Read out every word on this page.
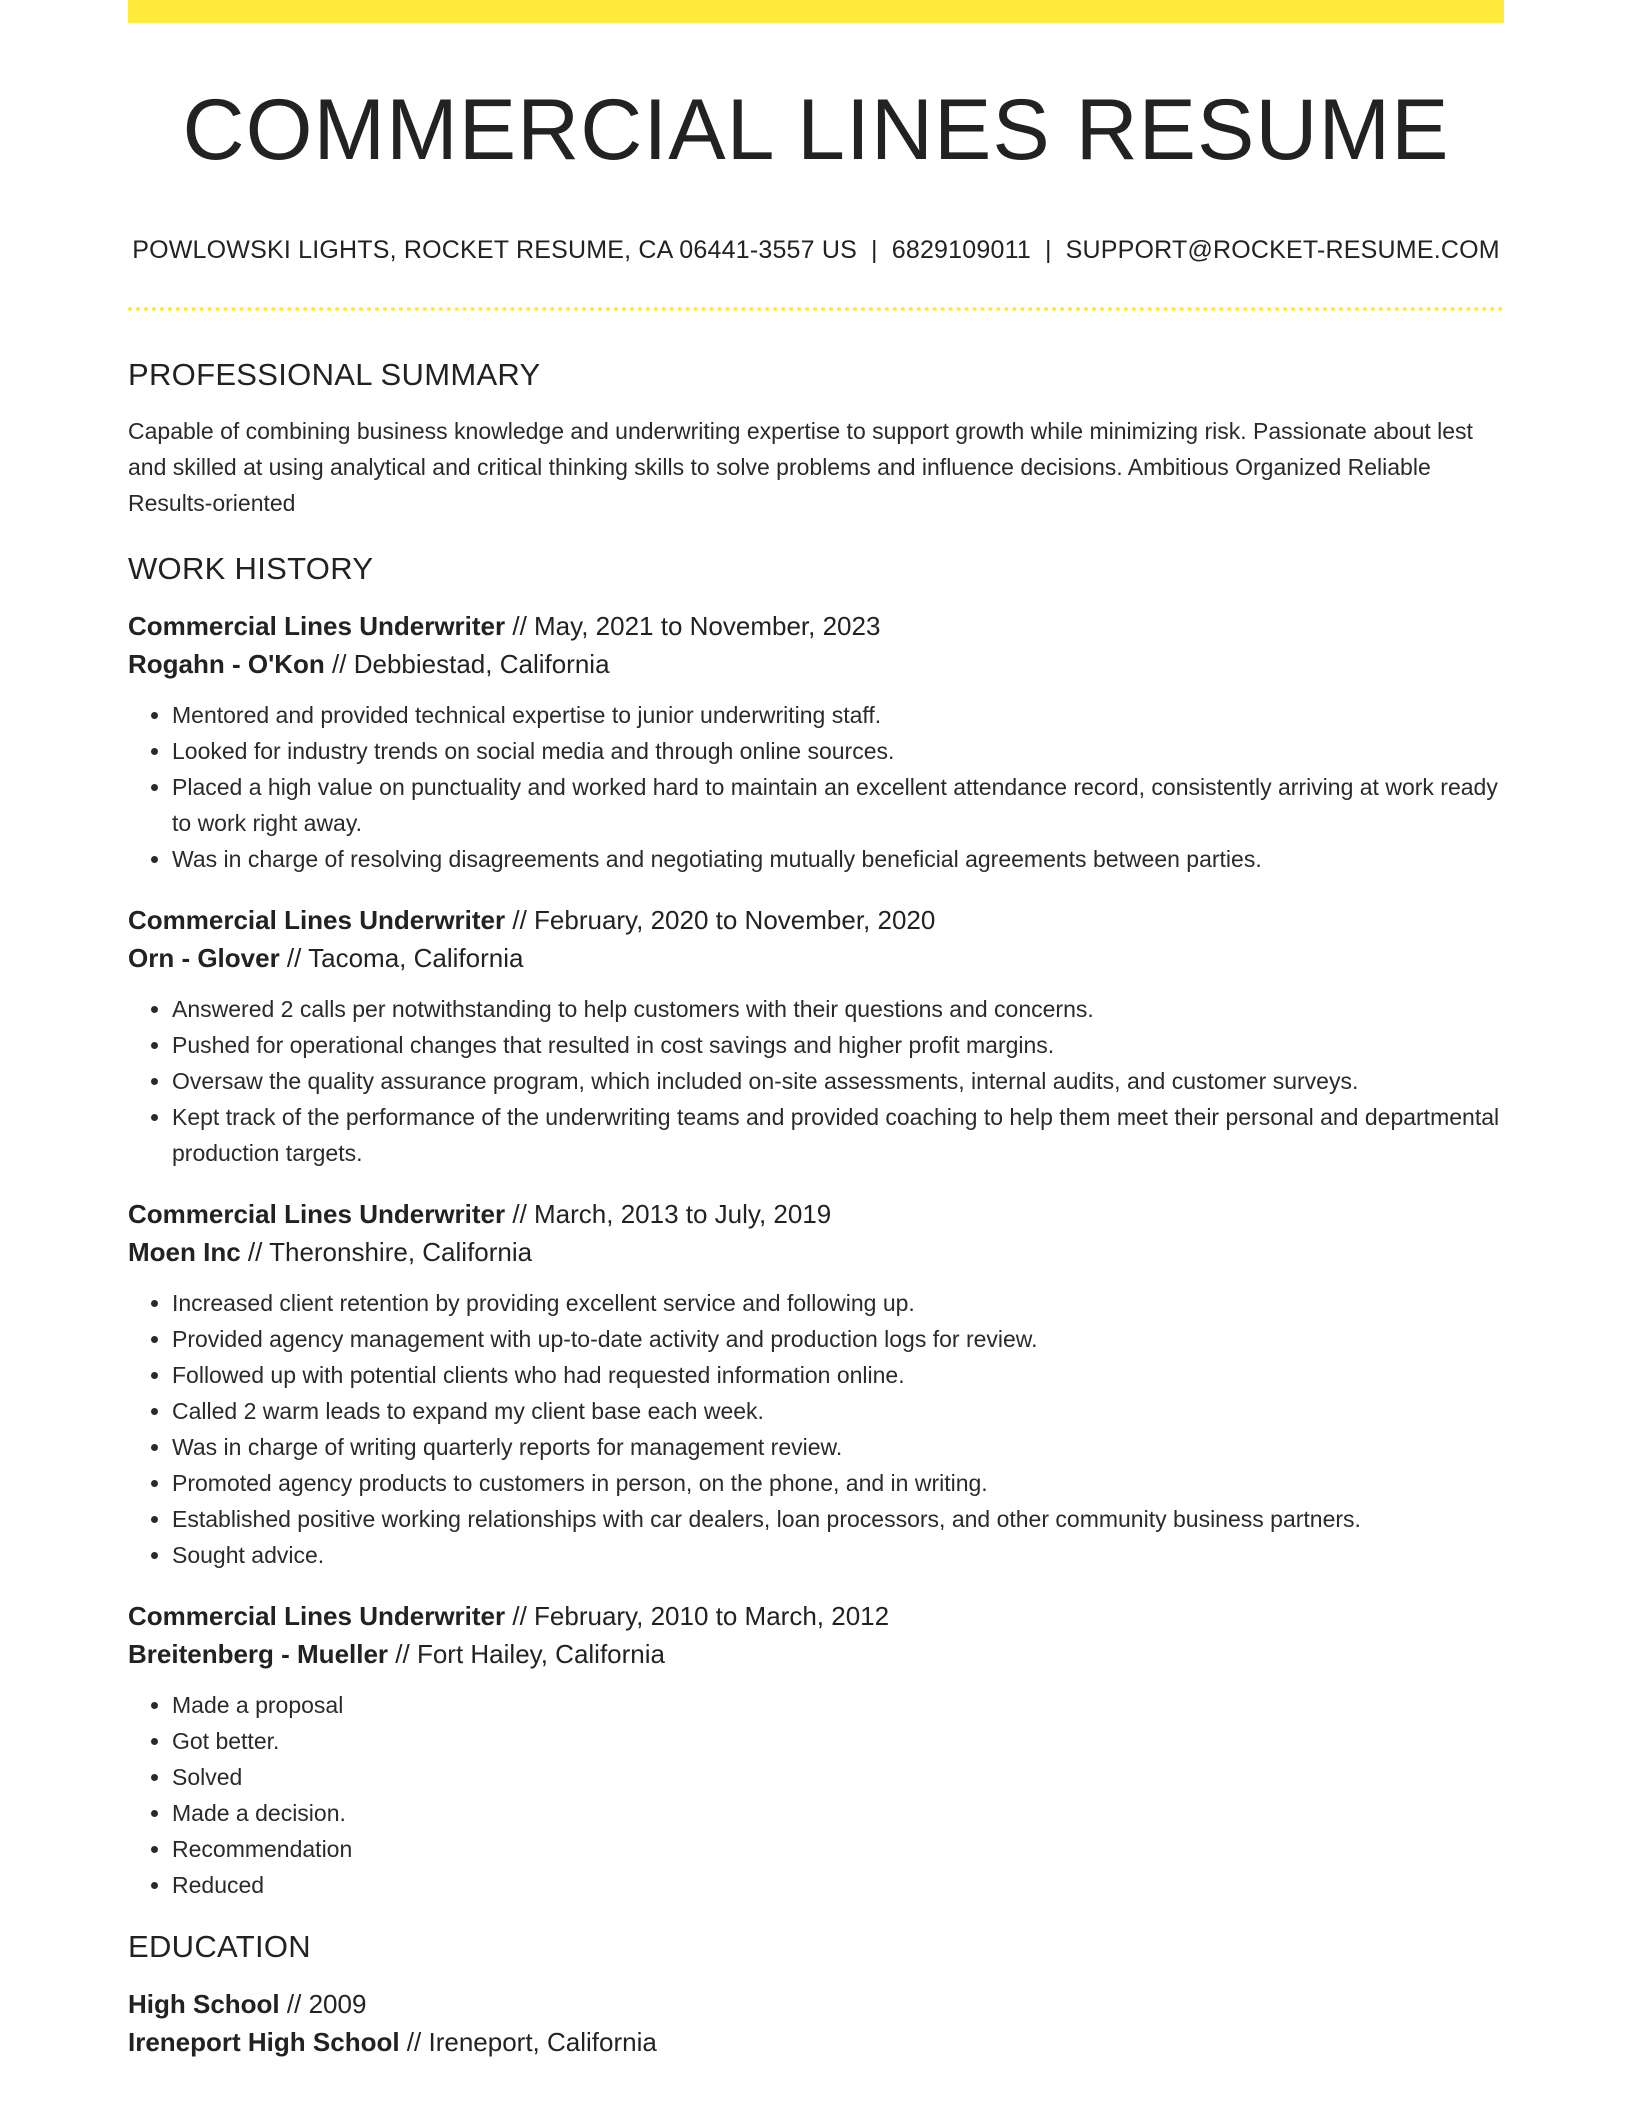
COMMERCIAL LINES RESUME
POWLOWSKI LIGHTS, ROCKET RESUME, CA 06441-3557 US | 6829109011 | SUPPORT@ROCKET-RESUME.COM
PROFESSIONAL SUMMARY

Capable of combining business knowledge and underwriting expertise to support growth while minimizing risk. Passionate about lest and skilled at using analytical and critical thinking skills to solve problems and influence decisions. Ambitious Organized Reliable Results-oriented

WORK HISTORY
Commercial Lines Underwriter // May, 2021 to November, 2023
Rogahn - O'Kon // Debbiestad, California
• Mentored and provided technical expertise to junior underwriting staff.
• Looked for industry trends on social media and through online sources.
• Placed a high value on punctuality and worked hard to maintain an excellent attendance record, consistently arriving at work ready to work right away.
• Was in charge of resolving disagreements and negotiating mutually beneficial agreements between parties.
Commercial Lines Underwriter // February, 2020 to November, 2020
Orn - Glover // Tacoma, California
• Answered 2 calls per notwithstanding to help customers with their questions and concerns.
• Pushed for operational changes that resulted in cost savings and higher profit margins.
• Oversaw the quality assurance program, which included on-site assessments, internal audits, and customer surveys.
• Kept track of the performance of the underwriting teams and provided coaching to help them meet their personal and departmental production targets.
Commercial Lines Underwriter // March, 2013 to July, 2019
Moen Inc // Theronshire, California
• Increased client retention by providing excellent service and following up.
• Provided agency management with up-to-date activity and production logs for review.
• Followed up with potential clients who had requested information online.
• Called 2 warm leads to expand my client base each week.
• Was in charge of writing quarterly reports for management review.
• Promoted agency products to customers in person, on the phone, and in writing.
• Established positive working relationships with car dealers, loan processors, and other community business partners.
• Sought advice.
Commercial Lines Underwriter // February, 2010 to March, 2012
Breitenberg - Mueller // Fort Hailey, California
• Made a proposal
• Got better.
• Solved
• Made a decision.
• Recommendation
• Reduced
EDUCATION
High School // 2009
Ireneport High School // Ireneport, California
